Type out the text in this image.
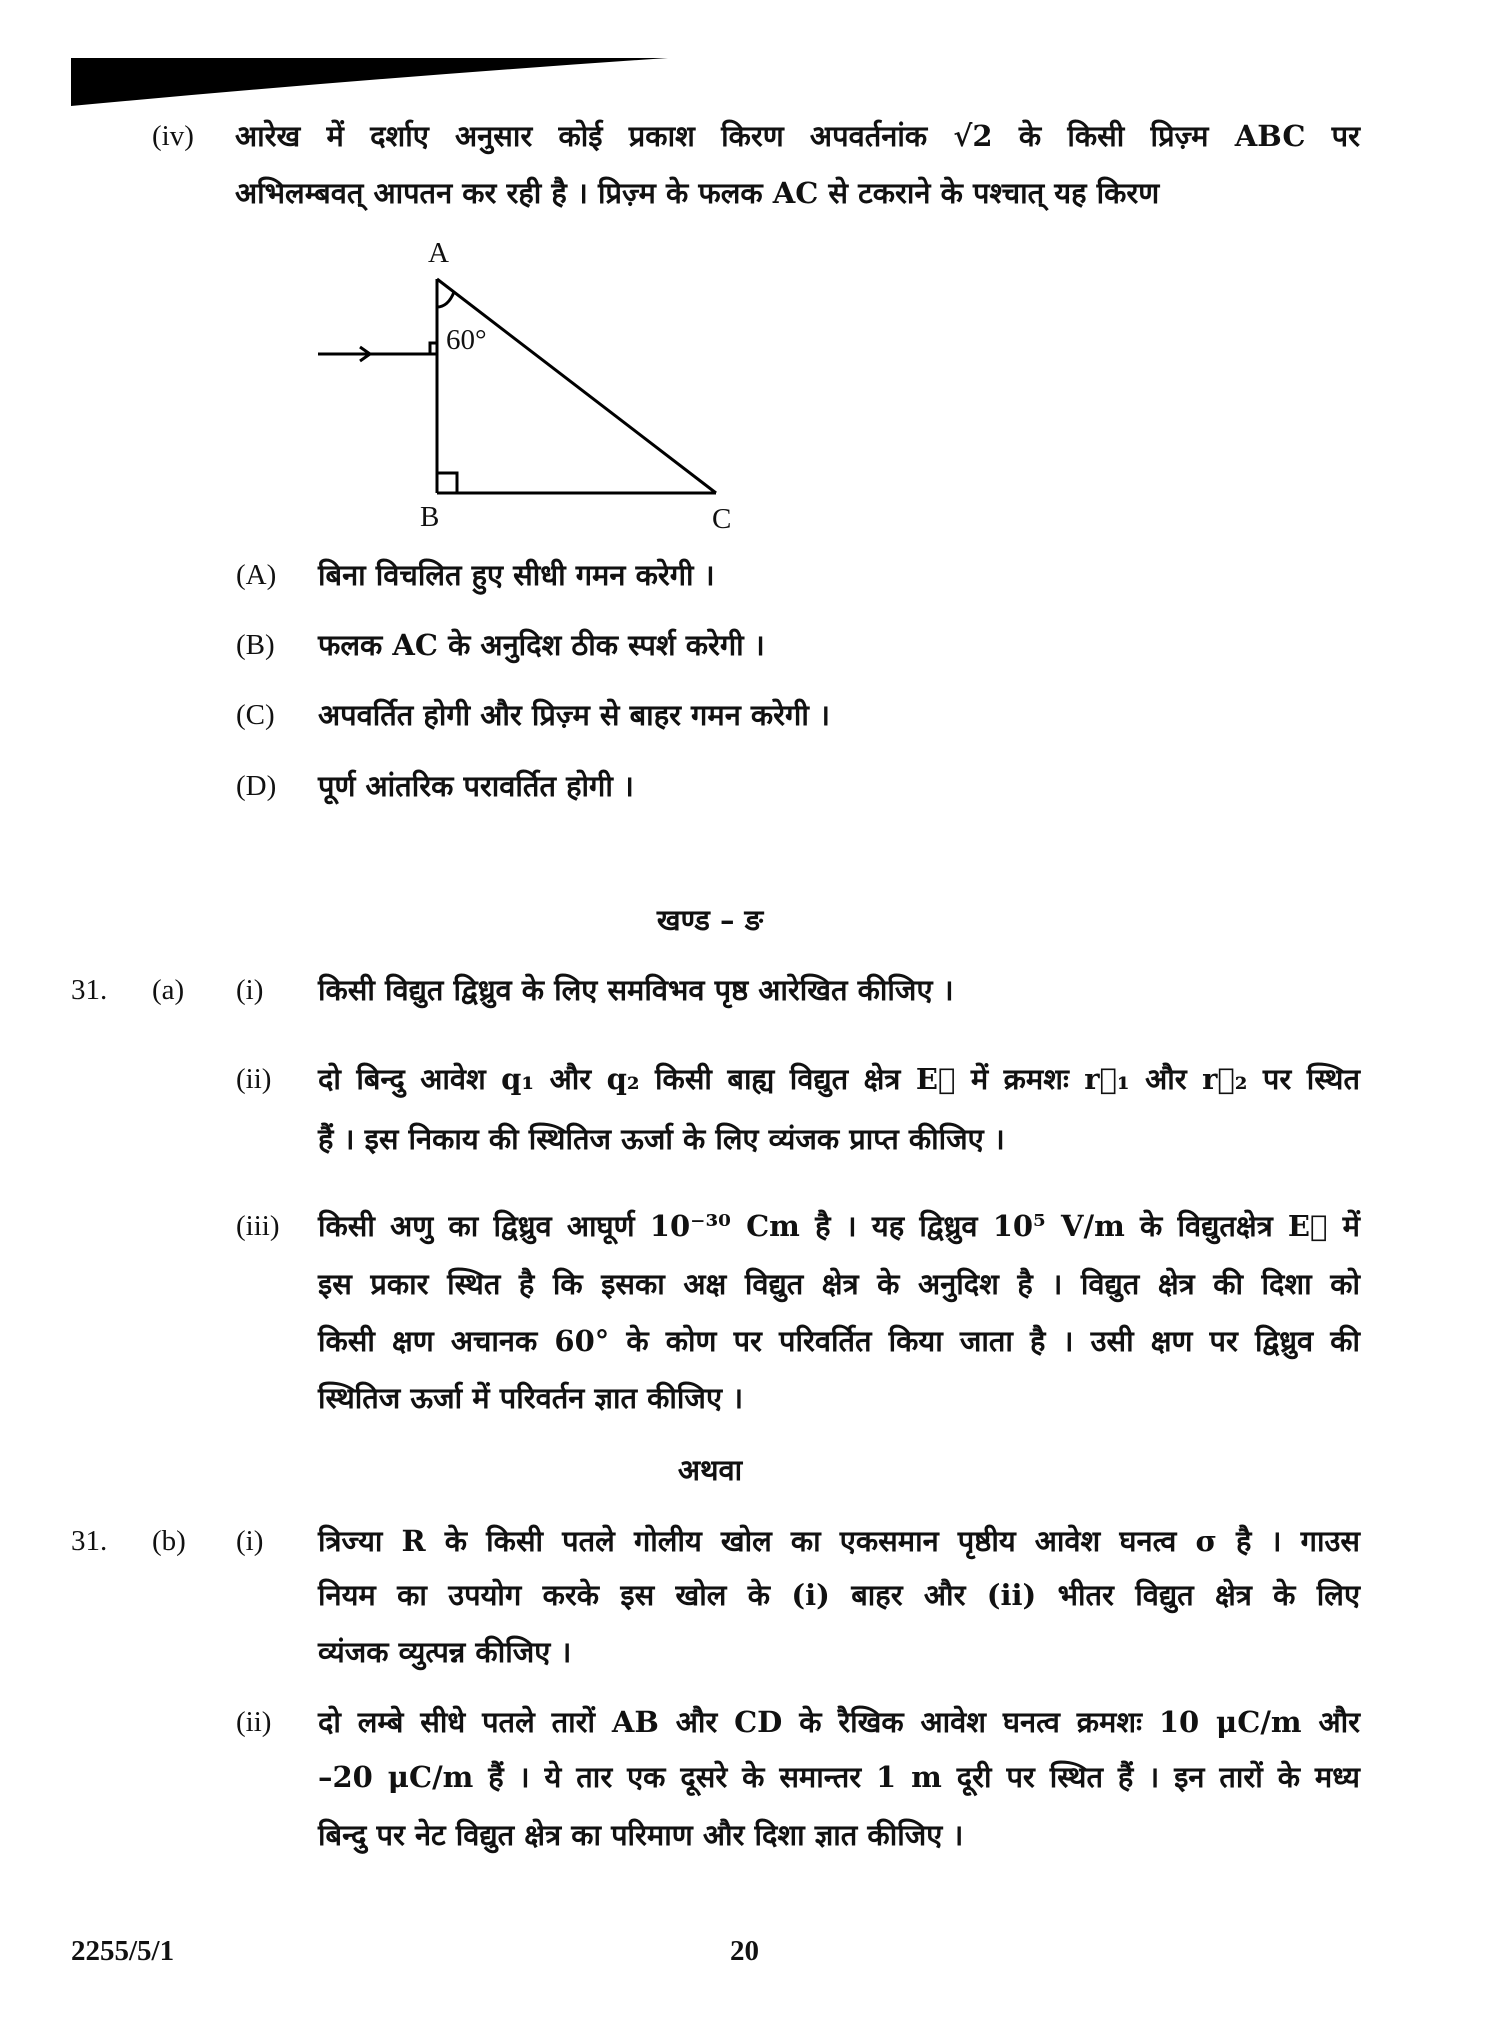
(iv) आरेख में दर्शाए अनुसार कोई प्रकाश किरण अपवर्तनांक √2 के किसी प्रिज़्म ABC पर
अभिलम्बवत् आपतन कर रही है । प्रिज़्म के फलक AC से टकराने के पश्चात् यह किरण
A
60°
B	C
(A) बिना विचलित हुए सीधी गमन करेगी ।
(B) फलक AC के अनुदिश ठीक स्पर्श करेगी ।
(C) अपवर्तित होगी और प्रिज़्म से बाहर गमन करेगी ।
(D) पूर्ण आंतरिक परावर्तित होगी ।
खण्ड – ङ
31. (a) (i) किसी विद्युत द्विध्रुव के लिए समविभव पृष्ठ आरेखित कीजिए ।
(ii) दो बिन्दु आवेश q₁ और q₂ किसी बाह्य विद्युत क्षेत्र E⃗ में क्रमशः r⃗₁ और r⃗₂ पर स्थित
हैं । इस निकाय की स्थितिज ऊर्जा के लिए व्यंजक प्राप्त कीजिए ।
(iii) किसी अणु का द्विध्रुव आघूर्ण 10⁻³⁰ Cm है । यह द्विध्रुव 10⁵ V/m के विद्युतक्षेत्र E⃗ में
इस प्रकार स्थित है कि इसका अक्ष विद्युत क्षेत्र के अनुदिश है । विद्युत क्षेत्र की दिशा को
किसी क्षण अचानक 60° के कोण पर परिवर्तित किया जाता है । उसी क्षण पर द्विध्रुव की
स्थितिज ऊर्जा में परिवर्तन ज्ञात कीजिए ।
अथवा
31. (b) (i) त्रिज्या R के किसी पतले गोलीय खोल का एकसमान पृष्ठीय आवेश घनत्व σ है । गाउस
नियम का उपयोग करके इस खोल के (i) बाहर और (ii) भीतर विद्युत क्षेत्र के लिए
व्यंजक व्युत्पन्न कीजिए ।
(ii) दो लम्बे सीधे पतले तारों AB और CD के रैखिक आवेश घनत्व क्रमशः 10 μC/m और
–20 μC/m हैं । ये तार एक दूसरे के समान्तर 1 m दूरी पर स्थित हैं । इन तारों के मध्य
बिन्दु पर नेट विद्युत क्षेत्र का परिमाण और दिशा ज्ञात कीजिए ।
2255/5/1	20
